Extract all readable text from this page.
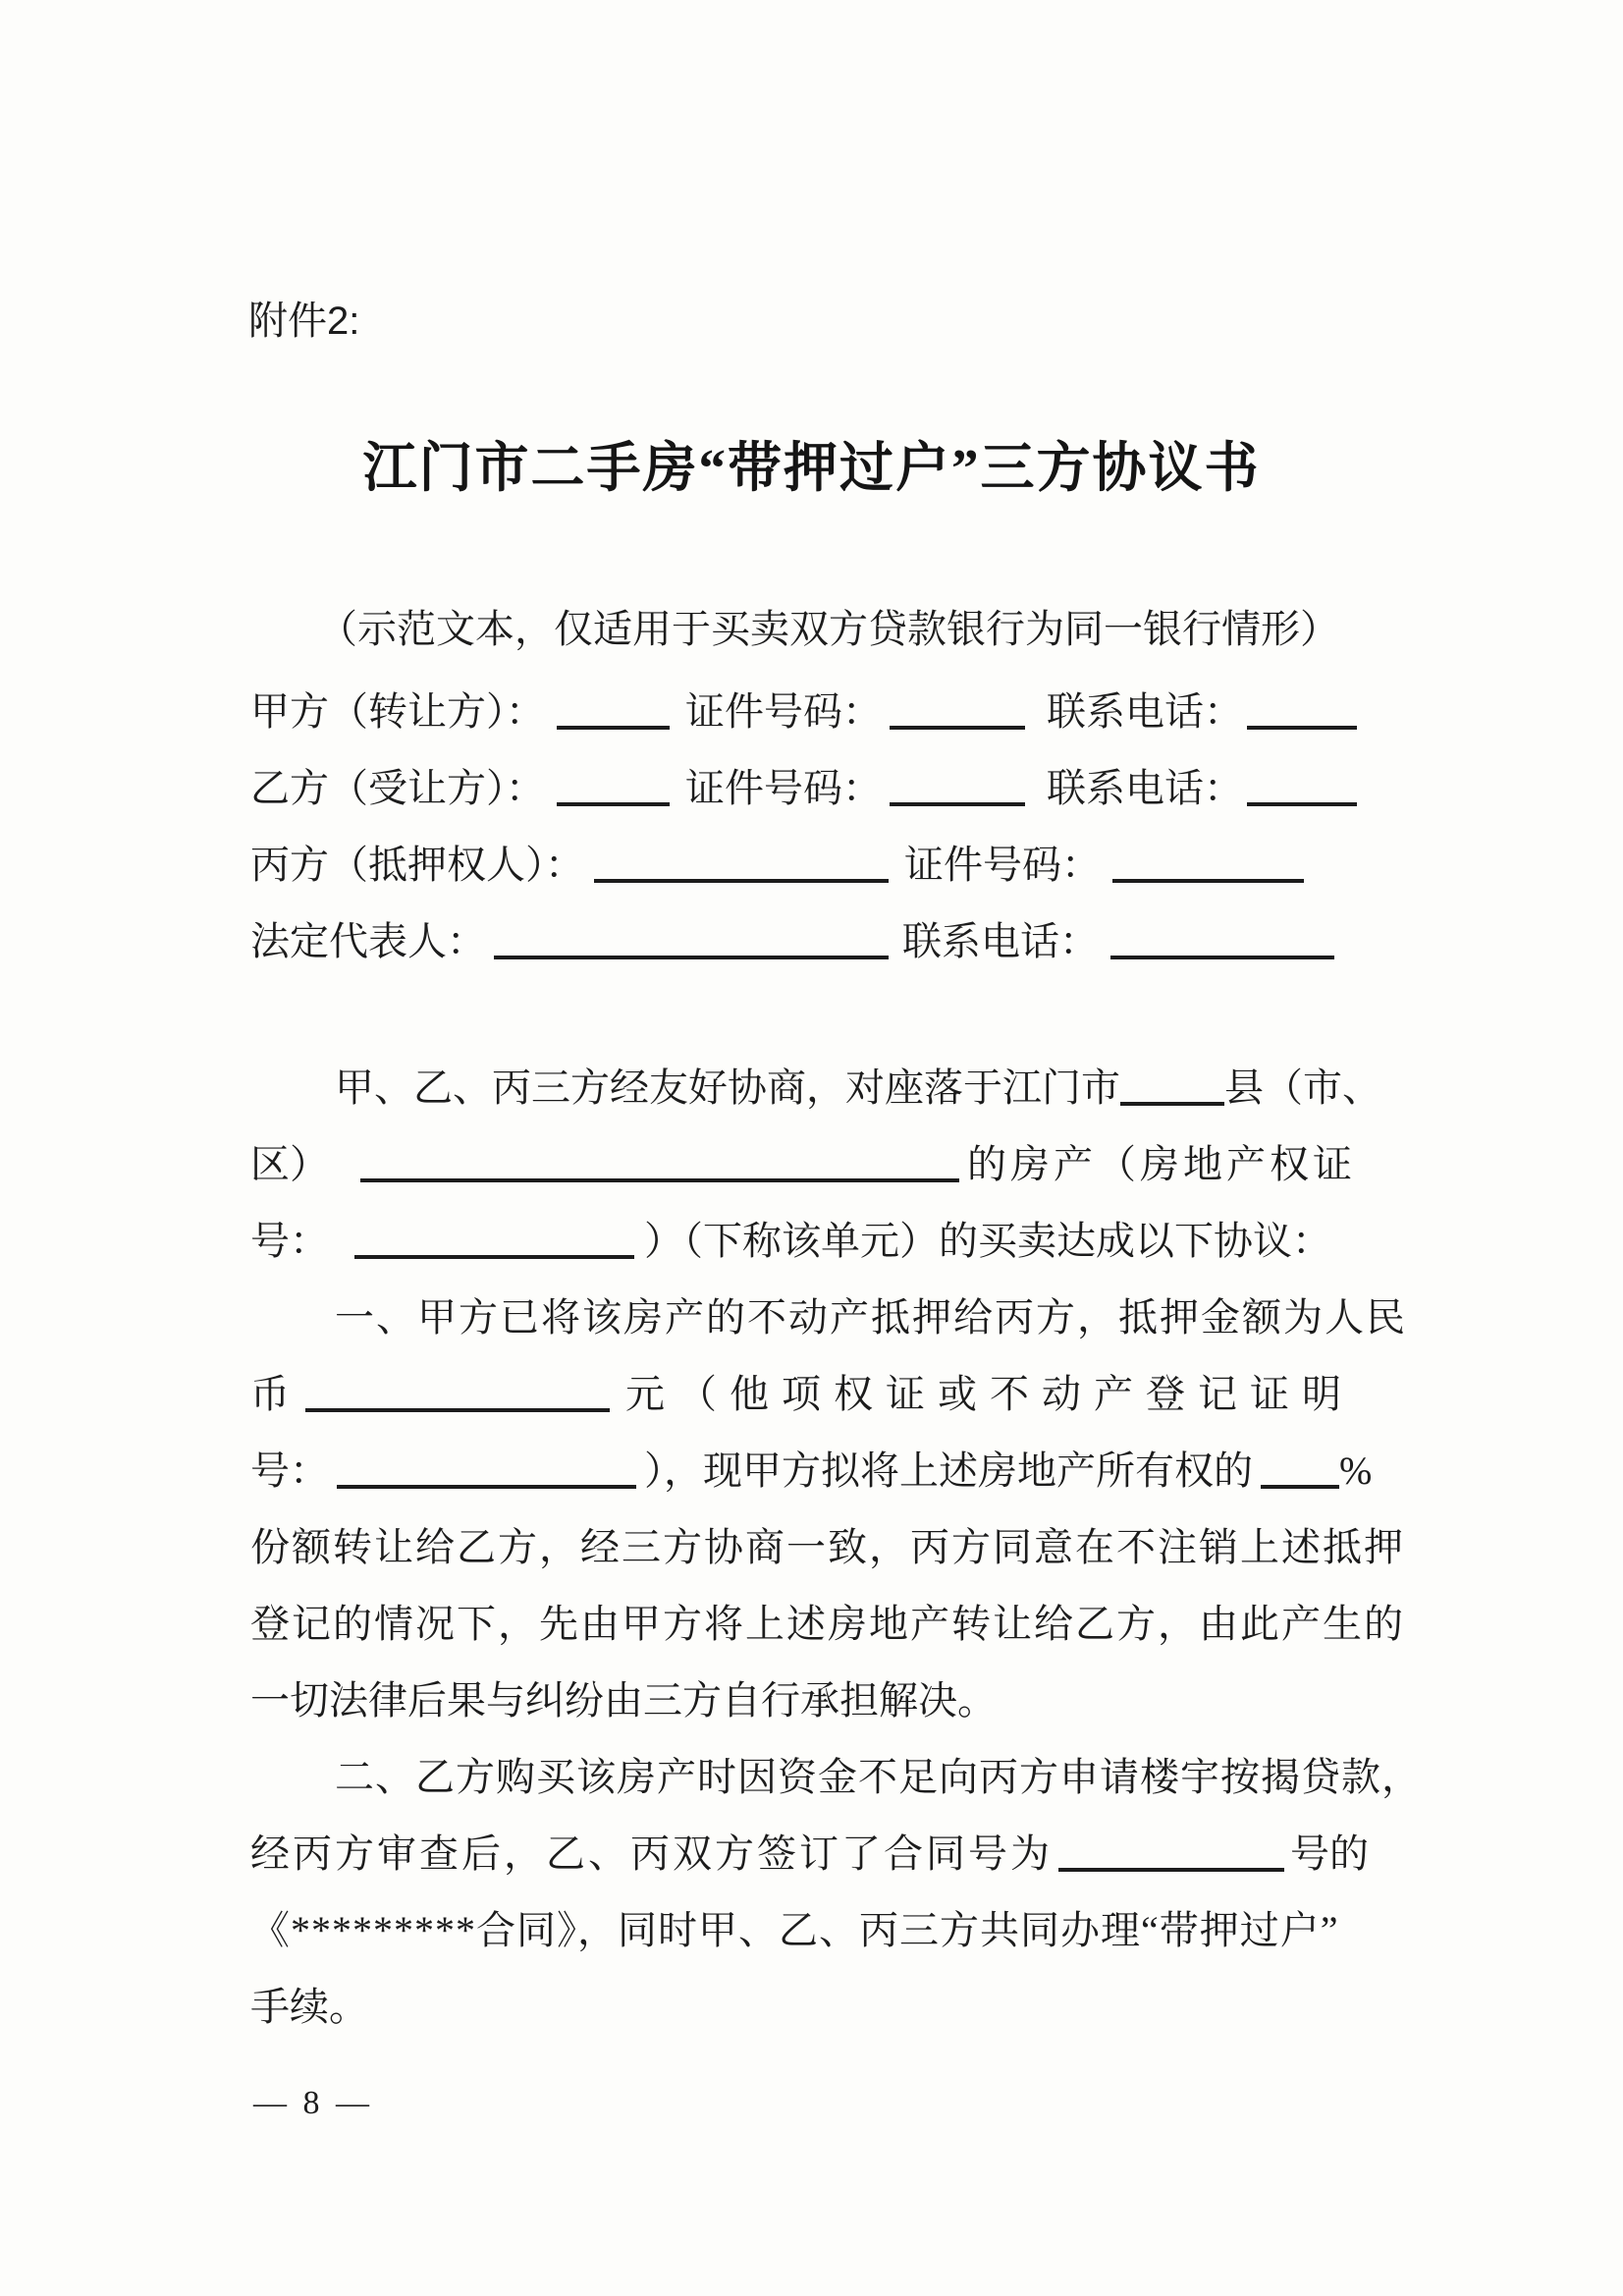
附件2:
江门市二手房“带押过户”三方协议书
（示范文本，仅适用于买卖双方贷款银行为同一银行情形）
甲方（转让方）：	证件号码：	联系电话：
乙方（受让方）：	证件号码：	联系电话：
丙方（抵押权人）：	证件号码：
法定代表人：	联系电话：
甲、乙、丙三方经友好协商，对座落于江门市	县（市、
区）	的房产（房地产权证
号：	）（下称该单元）的买卖达成以下协议：
一、甲方已将该房产的不动产抵押给丙方，抵押金额为人民
币	元（他项权证或不动产登记证明
号：	），现甲方拟将上述房地产所有权的 %
份额转让给乙方，经三方协商一致，丙方同意在不注销上述抵押
登记的情况下，先由甲方将上述房地产转让给乙方，由此产生的
一切法律后果与纠纷由三方自行承担解决。
二、乙方购买该房产时因资金不足向丙方申请楼宇按揭贷款，
经丙方审查后，乙、丙双方签订了合同号为	号的
《*********合同》，同时甲、乙、丙三方共同办理“带押过户”
手续。
— 8 —
